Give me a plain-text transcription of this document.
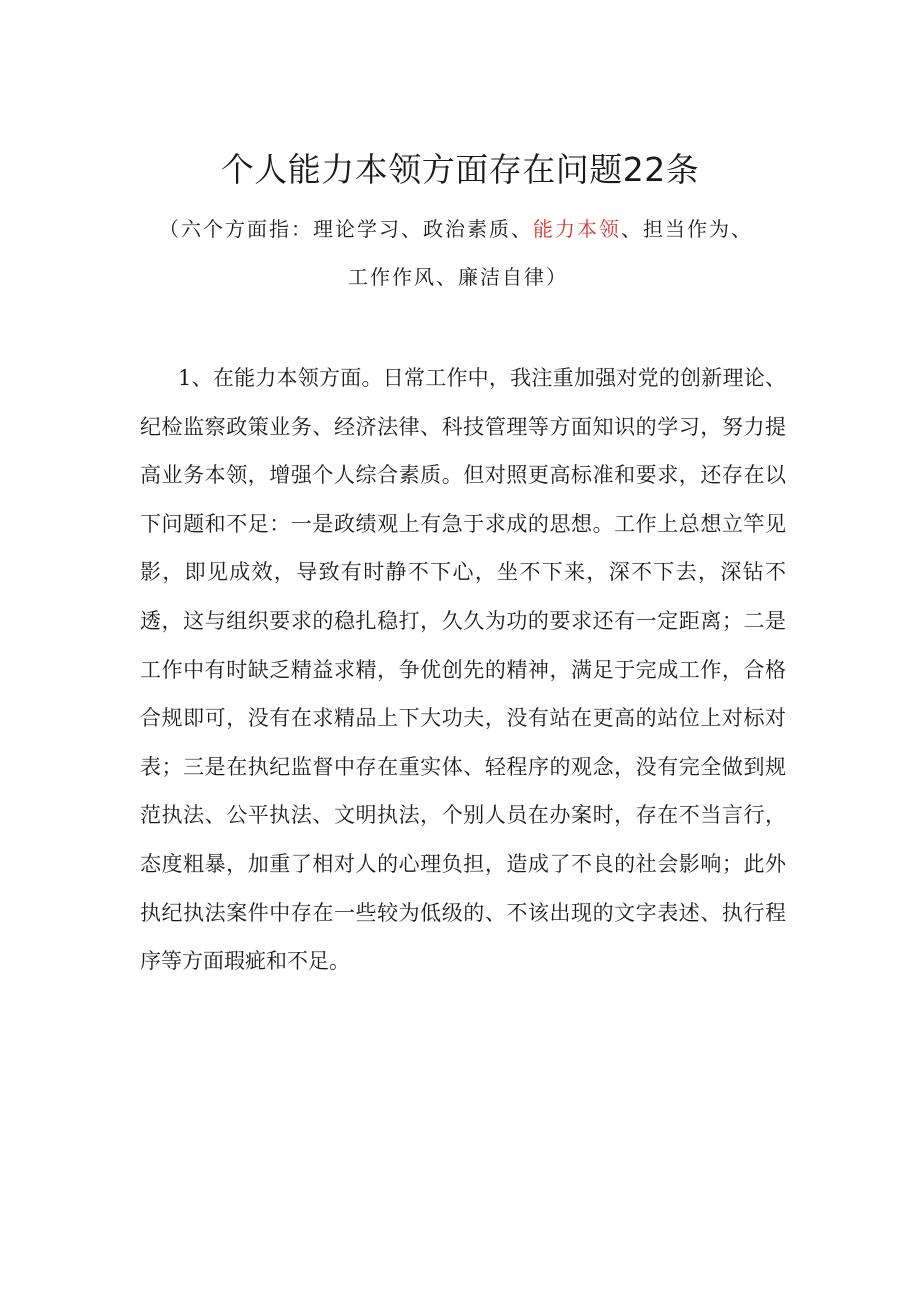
个人能力本领方面存在问题22条

（六个方面指：理论学习、政治素质、能力本领、担当作为、

工作作风、廉洁自律）

1、在能力本领方面。日常工作中，我注重加强对党的创新理论、纪检监察政策业务、经济法律、科技管理等方面知识的学习，努力提高业务本领，增强个人综合素质。但对照更高标准和要求，还存在以下问题和不足：一是政绩观上有急于求成的思想。工作上总想立竿见影，即见成效，导致有时静不下心，坐不下来，深不下去，深钻不透，这与组织要求的稳扎稳打，久久为功的要求还有一定距离；二是工作中有时缺乏精益求精，争优创先的精神，满足于完成工作，合格合规即可，没有在求精品上下大功夫，没有站在更高的站位上对标对表；三是在执纪监督中存在重实体、轻程序的观念，没有完全做到规范执法、公平执法、文明执法，个别人员在办案时，存在不当言行，态度粗暴，加重了相对人的心理负担，造成了不良的社会影响；此外执纪执法案件中存在一些较为低级的、不该出现的文字表述、执行程序等方面瑕疵和不足。
